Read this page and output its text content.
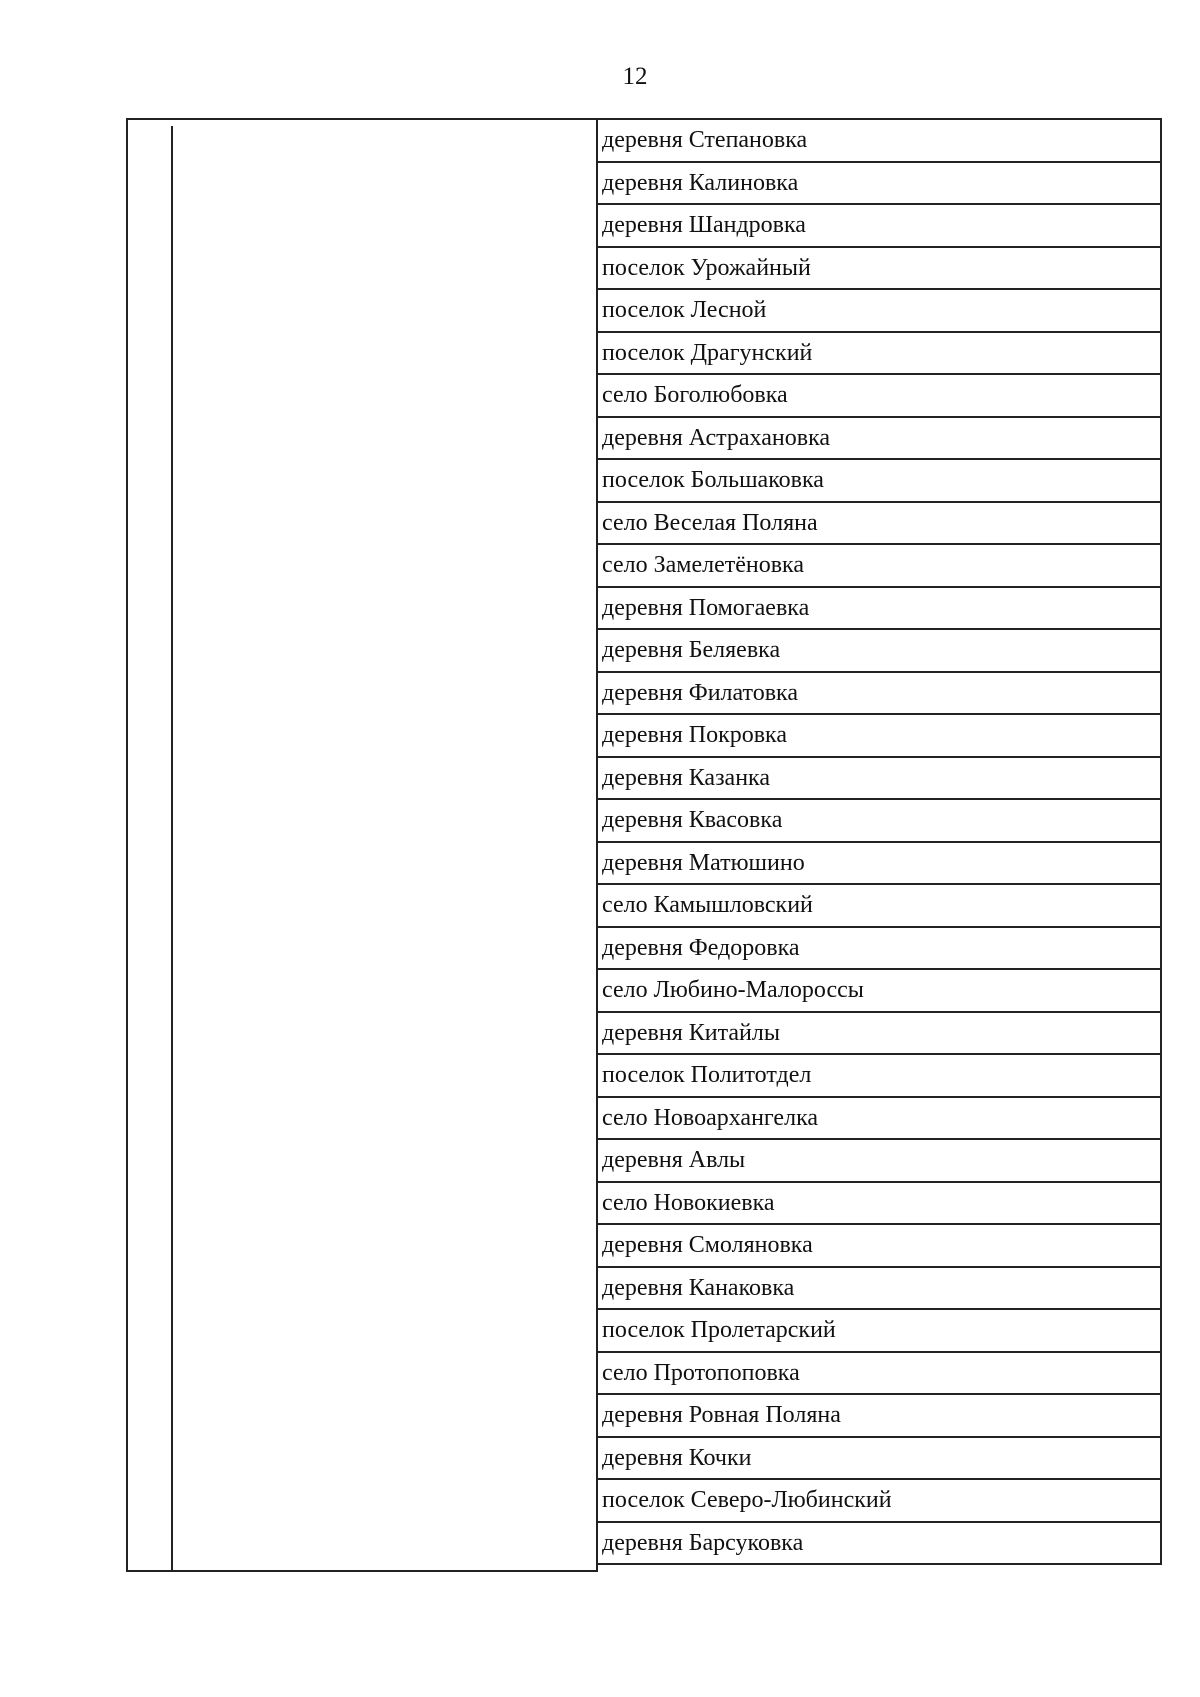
12
деревня Степановка
деревня Калиновка
деревня Шандровка
поселок Урожайный
поселок Лесной
поселок Драгунский
село Боголюбовка
деревня Астрахановка
поселок Большаковка
село Веселая Поляна
село Замелетёновка
деревня Помогаевка
деревня Беляевка
деревня Филатовка
деревня Покровка
деревня Казанка
деревня Квасовка
деревня Матюшино
село Камышловский
деревня Федоровка
село Любино-Малороссы
деревня Китайлы
поселок Политотдел
село Новоархангелка
деревня Авлы
село Новокиевка
деревня Смоляновка
деревня Канаковка
поселок Пролетарский
село Протопоповка
деревня Ровная Поляна
деревня Кочки
поселок Северо-Любинский
деревня Барсуковка
